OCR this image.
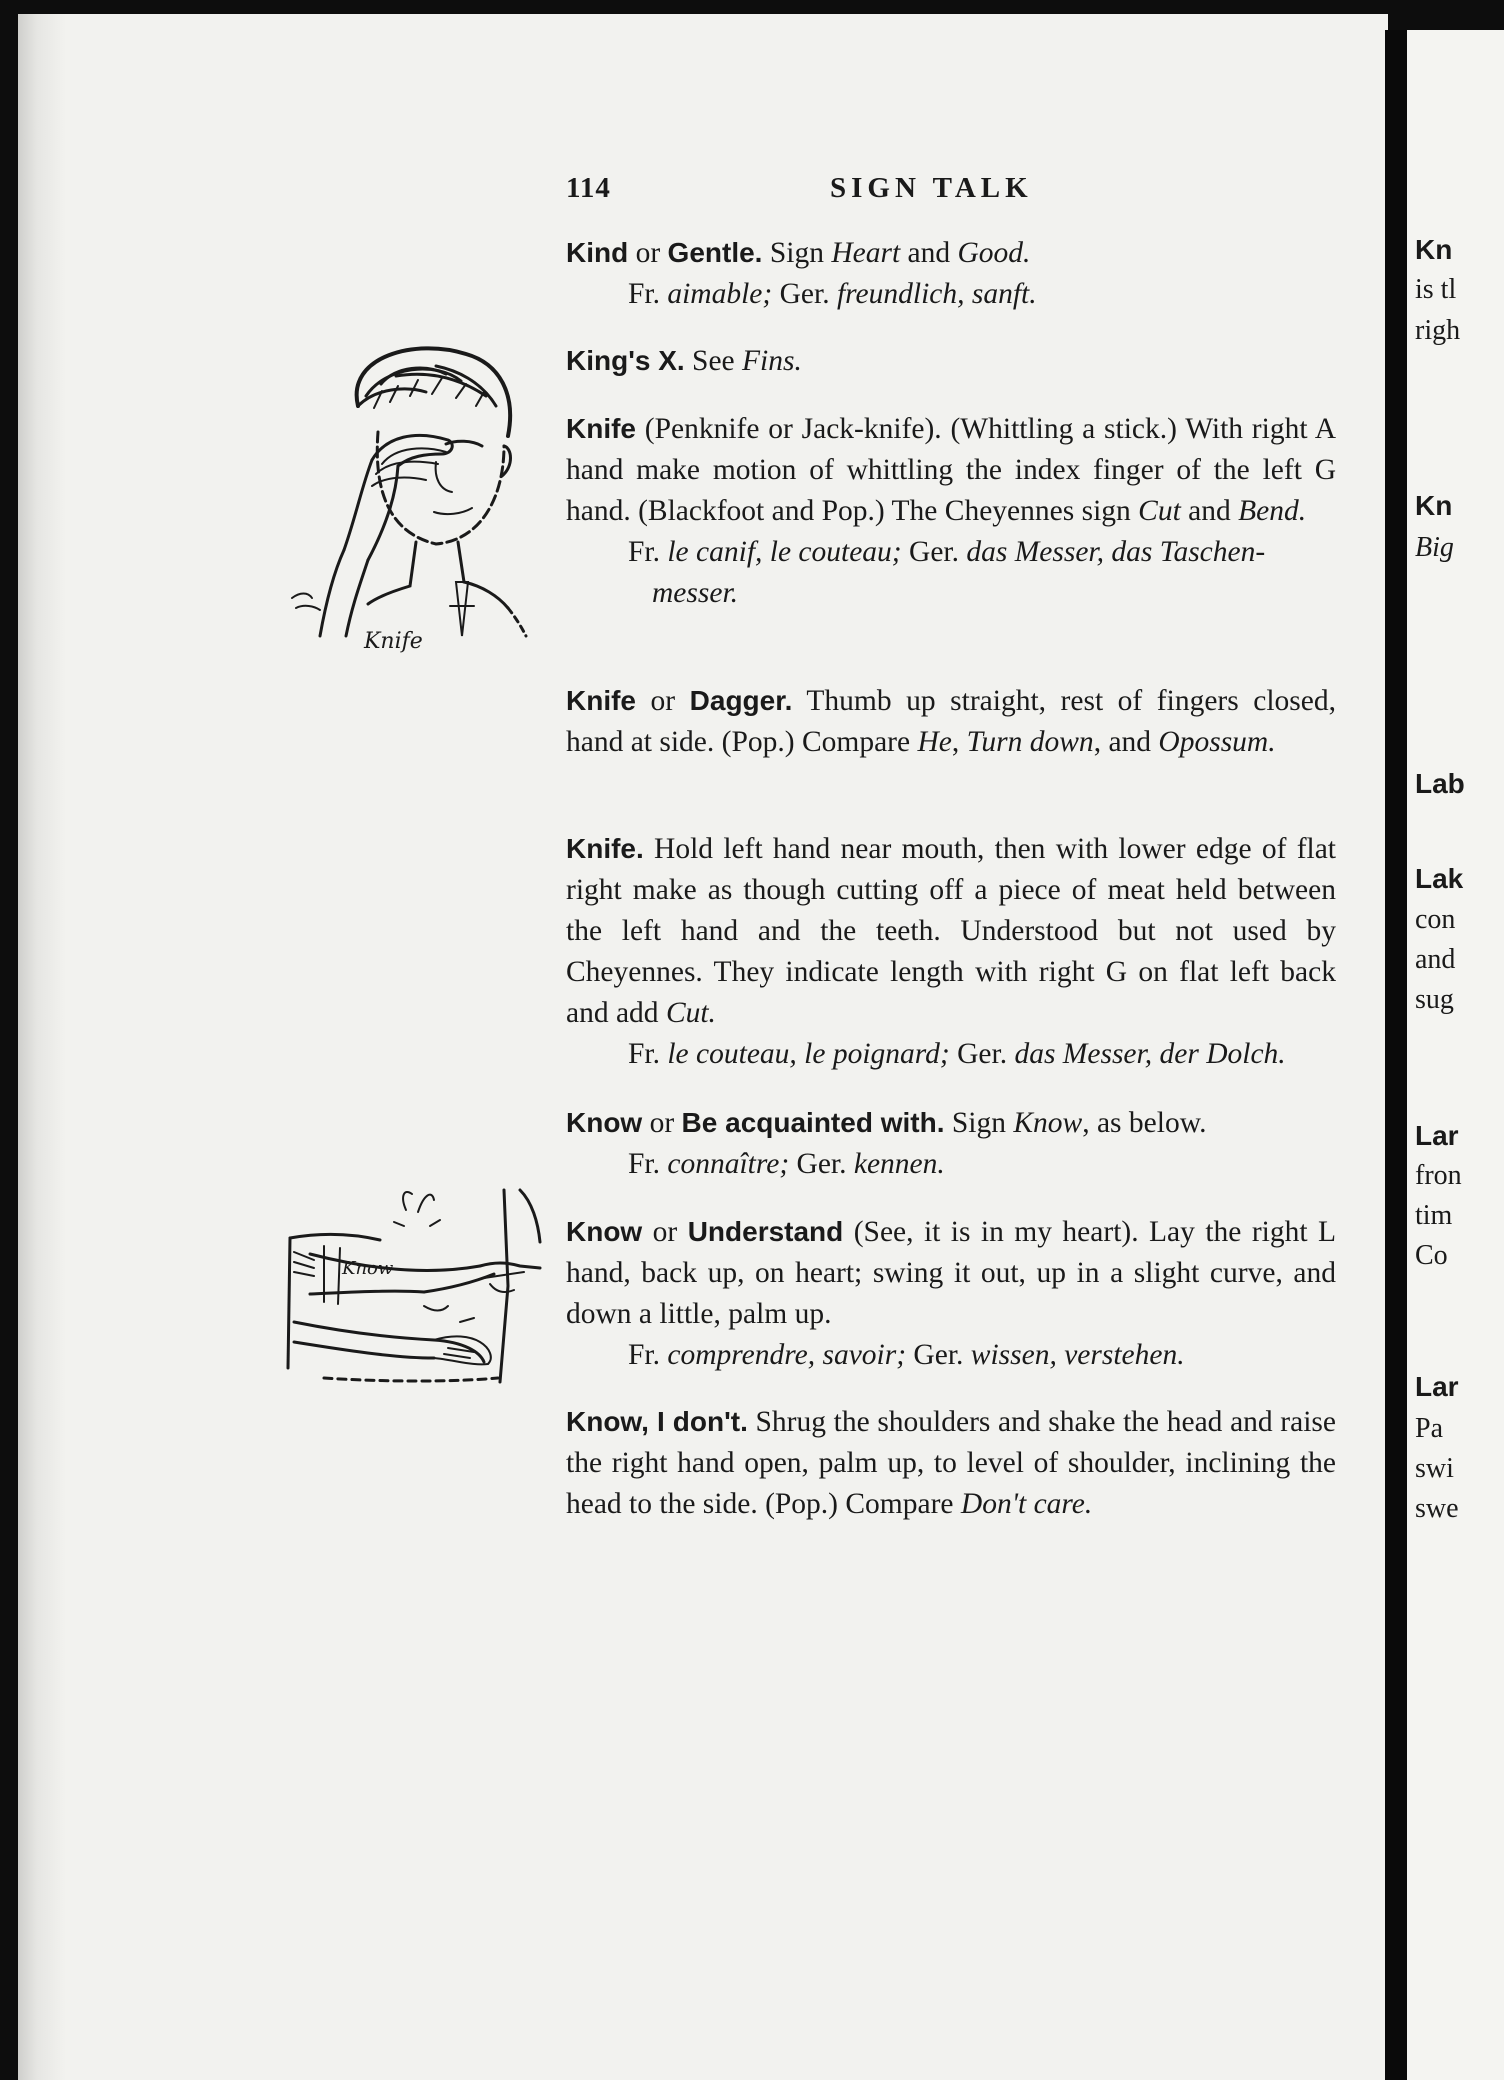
Kn
is tl
righ
Kn
Big
Lab
Lak
con
and
sug
Lar
fron
tim
Co
Lar
Pa
swi
swe
114	SIGN TALK

Kind or Gentle. Sign Heart and Good.

Fr. aimable; Ger. freundlich, sanft.

King's X. See Fins.

Knife (Penknife or Jack-knife). (Whittling a stick.) With right A hand make motion of whittling the index finger of the left G hand. (Blackfoot and Pop.) The Cheyennes sign Cut and Bend.

Fr. le canif, le couteau; Ger. das Messer, das Taschen-
messer.

Knife or Dagger. Thumb up straight, rest of fingers closed, hand at side. (Pop.) Compare He, Turn down, and Opossum.

Knife. Hold left hand near mouth, then with lower edge of flat right make as though cutting off a piece of meat held between the left hand and the teeth. Understood but not used by Cheyennes. They indicate length with right G on flat left back and add Cut.

Fr. le couteau, le poignard; Ger. das Messer, der Dolch.

Know or Be acquainted with. Sign Know, as below.

Fr. connaître; Ger. kennen.

Know or Understand (See, it is in my heart). Lay the right L hand, back up, on heart; swing it out, up in a slight curve, and down a little, palm up.

Fr. comprendre, savoir; Ger. wissen, verstehen.

Know, I don't. Shrug the shoulders and shake the head and raise the right hand open, palm up, to level of shoulder, inclining the head to the side. (Pop.) Compare Don't care.

Knife
Know
